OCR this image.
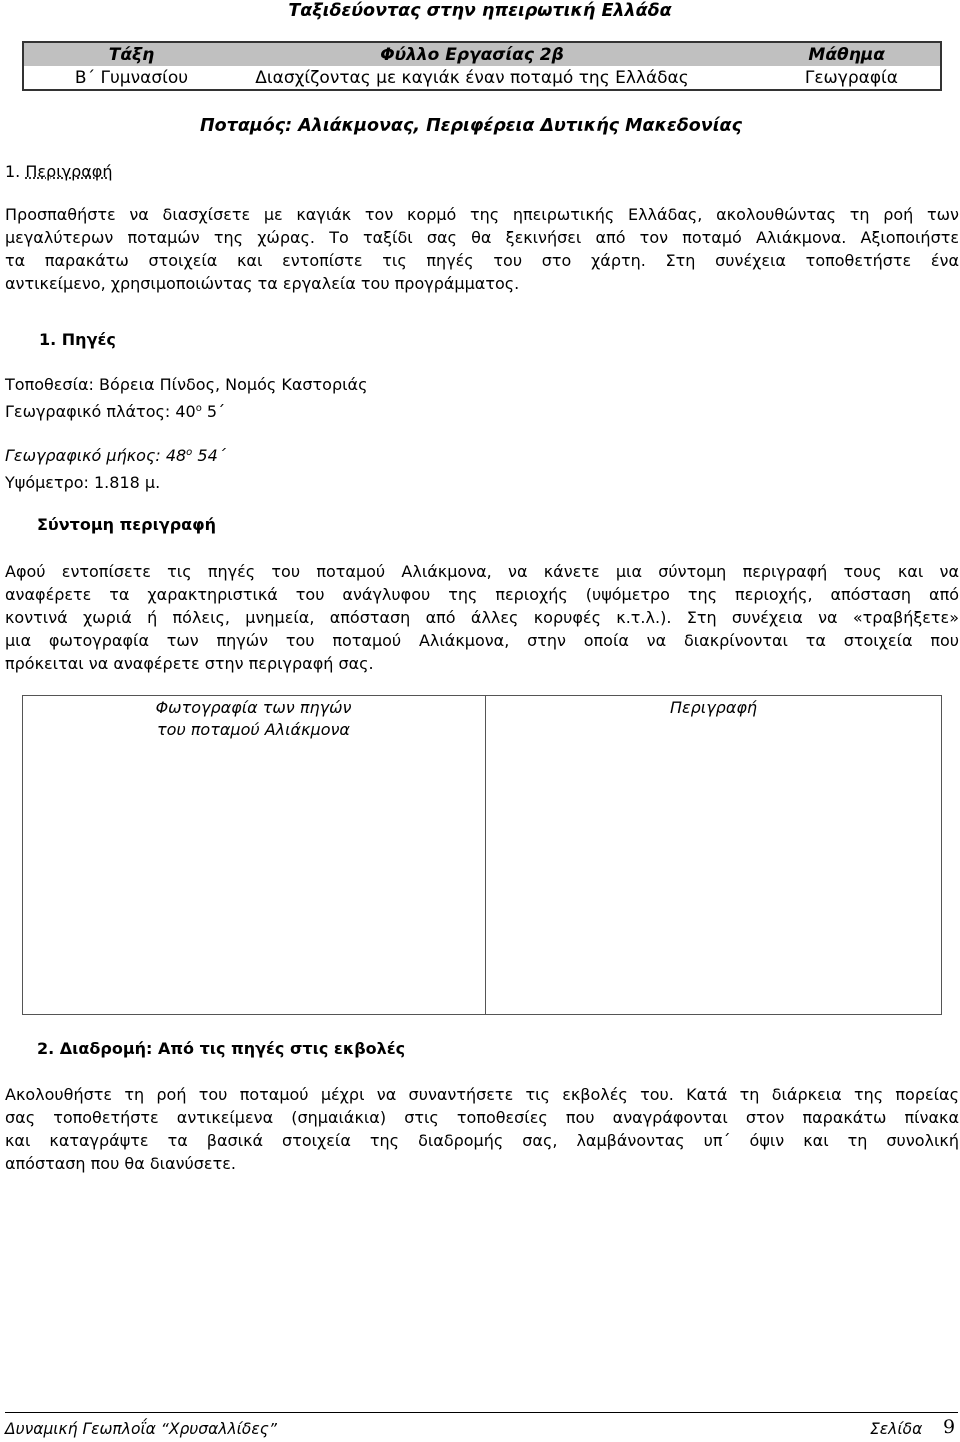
Ταξιδεύοντας στην ηπειρωτική Ελλάδα
Τάξη	Φύλλο Εργασίας 2β	Μάθημα
Β΄ Γυμνασίου	Διασχίζοντας με καγιάκ έναν ποταμό της Ελλάδας	Γεωγραφία
Ποταμός: Αλιάκμονας, Περιφέρεια Δυτικής Μακεδονίας
1. Περιγραφή

Προσπαθήστε να διασχίσετε με καγιάκ τον κορμό της ηπειρωτικής Ελλάδας, ακολουθώντας τη ροή των

μεγαλύτερων ποταμών της χώρας. Το ταξίδι σας θα ξεκινήσει από τον ποταμό Αλιάκμονα. Αξιοποιήστε

τα παρακάτω στοιχεία και εντοπίστε τις πηγές του στο χάρτη. Στη συνέχεια τοποθετήστε ένα

αντικείμενο, χρησιμοποιώντας τα εργαλεία του προγράμματος.

1. Πηγές
Τοποθεσία: Βόρεια Πίνδος, Νομός Καστοριάς
Γεωγραφικό πλάτος: 40$^o$ 5΄
Γεωγραφικό μήκος: 48$^o$ 54΄
Υψόμετρο: 1.818 μ.
Σύντομη περιγραφή

Αφού εντοπίσετε τις πηγές του ποταμού Αλιάκμονα, να κάνετε μια σύντομη περιγραφή τους και να

αναφέρετε τα χαρακτηριστικά του ανάγλυφου της περιοχής (υψόμετρο της περιοχής, απόσταση από

κοντινά χωριά ή πόλεις, μνημεία, απόσταση από άλλες κορυφές κ.τ.λ.). Στη συνέχεια να «τραβήξετε»

μια φωτογραφία των πηγών του ποταμού Αλιάκμονα, στην οποία να διακρίνονται τα στοιχεία που

πρόκειται να αναφέρετε στην περιγραφή σας.

Φωτογραφία των πηγών
του ποταμού Αλιάκμονα
Περιγραφή
2. Διαδρομή: Από τις πηγές στις εκβολές

Ακολουθήστε τη ροή του ποταμού μέχρι να συναντήσετε τις εκβολές του. Κατά τη διάρκεια της πορείας

σας τοποθετήστε αντικείμενα (σημαιάκια) στις τοποθεσίες που αναγράφονται στον παρακάτω πίνακα

και καταγράψτε τα βασικά στοιχεία της διαδρομής σας, λαμβάνοντας υπ΄ όψιν και τη συνολική

απόσταση που θα διανύσετε.

Δυναμική Γεωπλοΐα “Χρυσαλλίδες”	Σελίδα 9
